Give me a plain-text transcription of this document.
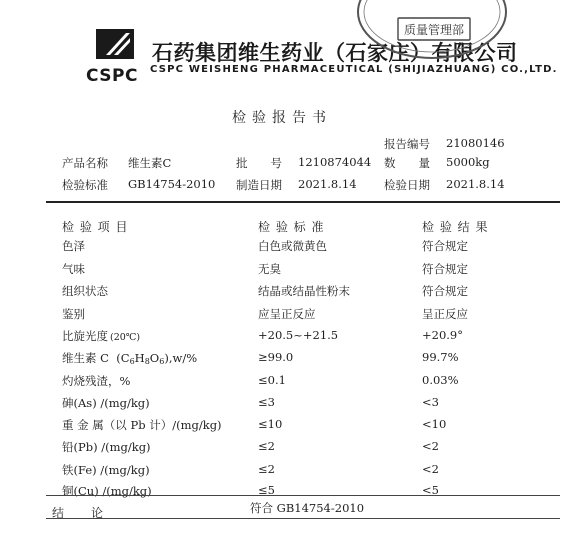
CSPC
石药集团维生药业（石家庄）有限公司
CSPC WEISHENG PHARMACEUTICAL (SHIJIAZHUANG) CO.,LTD.
质量管理部
检验报告书
报告编号 21080146
产品名称 维生素C	批　　号 1210874044 数　　量 5000kg
检验标准 GB14754-2010 制造日期 2021.8.14 检验日期 2021.8.14
检 验 项 目	检 验 标 准	检 验 结 果
色泽	白色或微黄色	符合规定
气味	无臭	符合规定
组织状态	结晶或结晶性粉末	符合规定
鉴别	应呈正反应	呈正反应
比旋光度 (20℃)	+20.5~+21.5	+20.9°
维生素 C $(C_6H_8O_6),w/\%$	≥99.0	99.7%
灼烧残渣，%	≤0.1	0.03%
砷(As) /(mg/kg)	≤3	<3
重 金 属（以 Pb 计）/(mg/kg)	≤10	<10
铅(Pb) /(mg/kg)	≤2	<2
铁(Fe) /(mg/kg)	≤2	<2
铜(Cu) /(mg/kg)	≤5	<5
结　　论	符合 GB14754-2010
